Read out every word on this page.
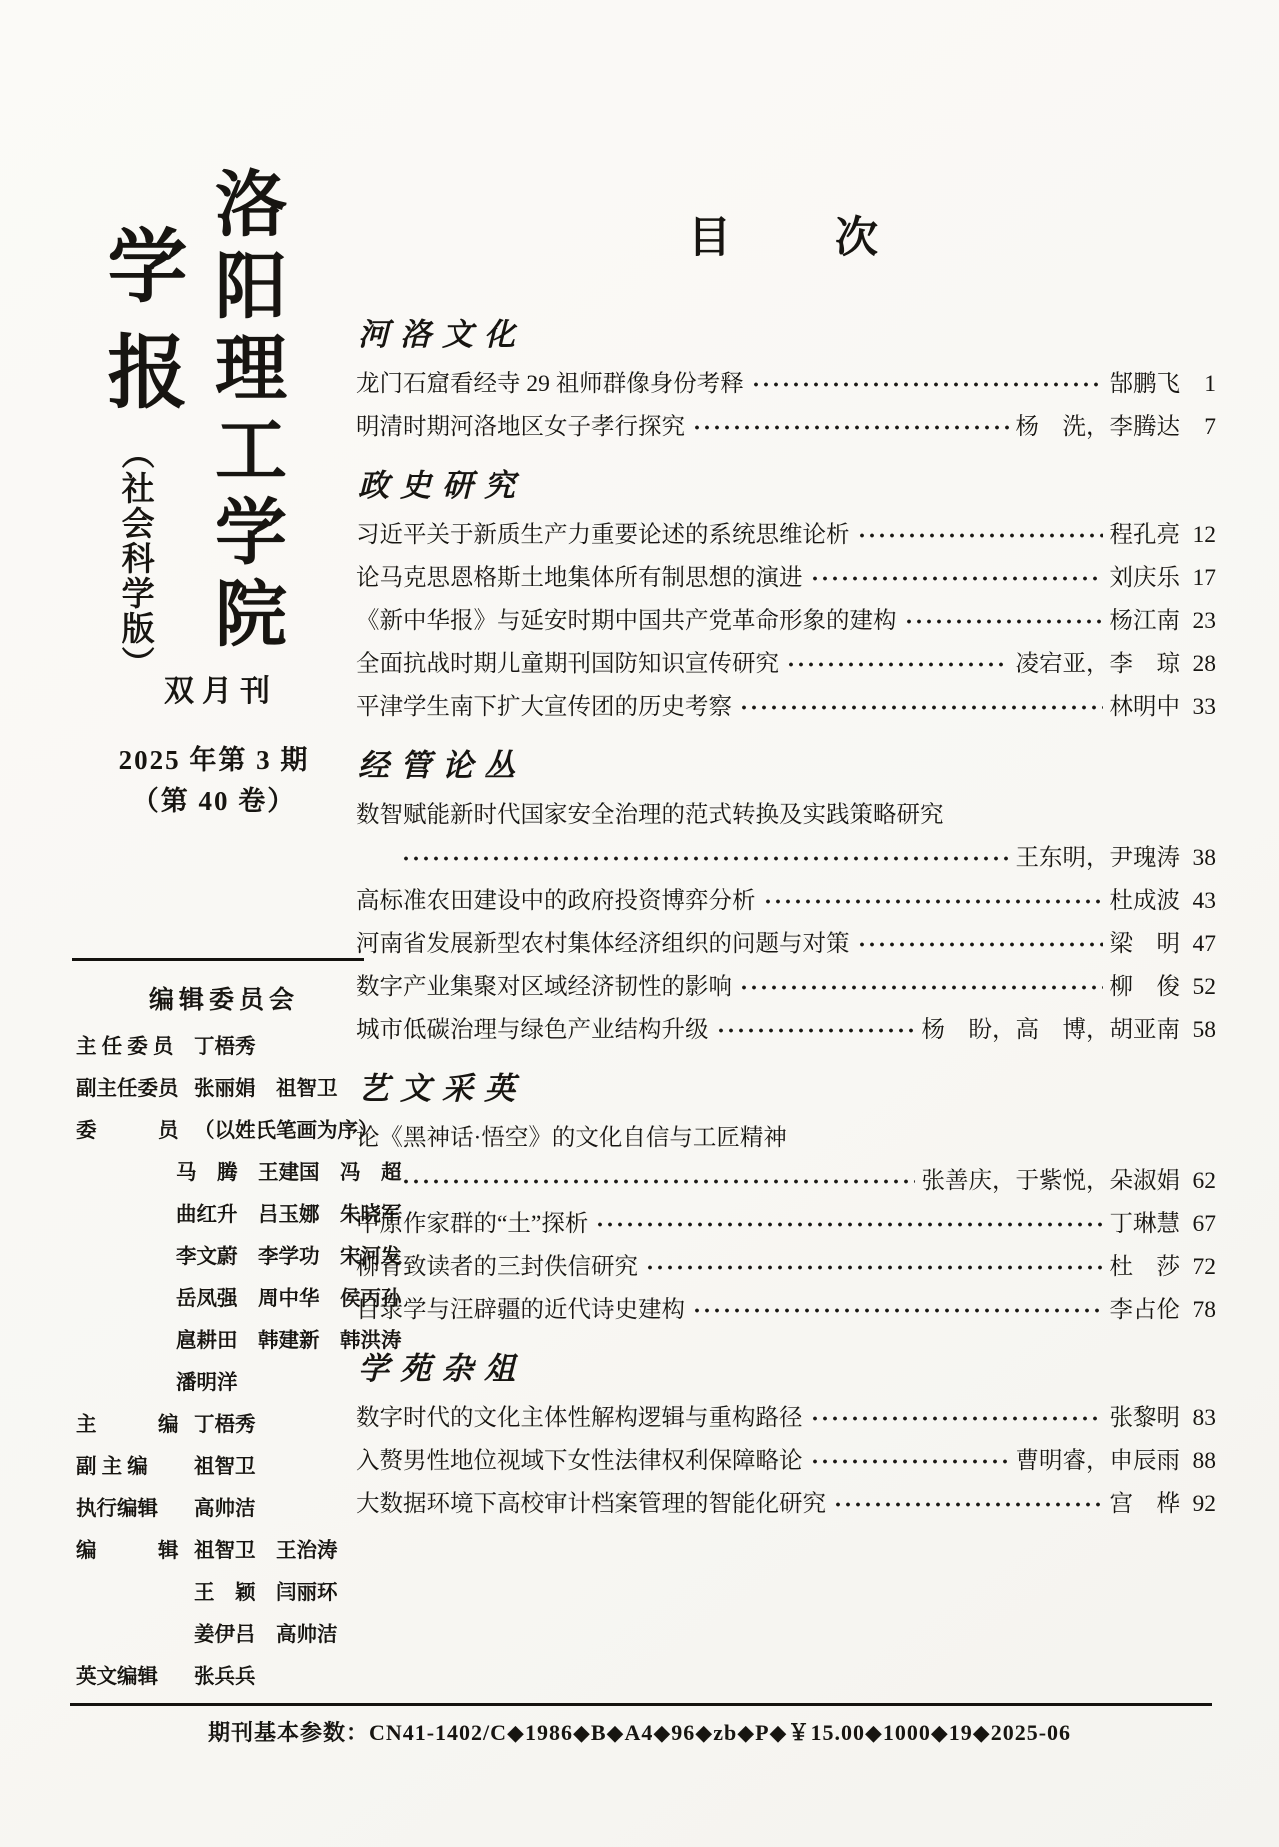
洛阳理工学院
学报
（社会科学版）
双月刊
2025 年第 3 期
（第 40 卷）
编辑委员会
主 任 委 员	丁梧秀
副主任委员 张丽娟　祖智卫
委　　　员 （以姓氏笔画为序）
马　腾　王建国　冯　超
曲红升　吕玉娜　朱晓军
李文蔚　李学功　宋河发
岳凤强　周中华　侯丙孙
扈耕田　韩建新　韩洪涛
潘明洋
主　　　编 丁梧秀
副 主 编	祖智卫
执行编辑	高帅洁
编　　　辑 祖智卫　王治涛

王　颖　闫丽环

姜伊吕　高帅洁
英文编辑	张兵兵
目　　次
河洛文化
龙门石窟看经寺 29 祖师群像身份考释	郜鹏飞	1
明清时期河洛地区女子孝行探究	杨　洗，李腾达	7
政史研究
习近平关于新质生产力重要论述的系统思维论析	程孔亮 12
论马克思恩格斯土地集体所有制思想的演进	刘庆乐 17
《新中华报》与延安时期中国共产党革命形象的建构	杨江南 23
全面抗战时期儿童期刊国防知识宣传研究	凌宕亚，李　琼 28
平津学生南下扩大宣传团的历史考察	林明中 33
经管论丛
数智赋能新时代国家安全治理的范式转换及实践策略研究
王东明，尹瑰涛 38
高标准农田建设中的政府投资博弈分析	杜成波 43
河南省发展新型农村集体经济组织的问题与对策	梁　明 47
数字产业集聚对区域经济韧性的影响	柳　俊 52
城市低碳治理与绿色产业结构升级	杨　盼，高　博，胡亚南 58
艺文采英
论《黑神话·悟空》的文化自信与工匠精神
张善庆，于紫悦，朵淑娟 62
中原作家群的“土”探析	丁琳慧 67
柳青致读者的三封佚信研究	杜　莎 72
目录学与汪辟疆的近代诗史建构	李占伦 78
学苑杂俎
数字时代的文化主体性解构逻辑与重构路径	张黎明 83
入赘男性地位视域下女性法律权利保障略论	曹明睿，申辰雨 88
大数据环境下高校审计档案管理的智能化研究	宫　桦 92
期刊基本参数：CN41-1402/C◆1986◆B◆A4◆96◆zb◆P◆￥15.00◆1000◆19◆2025-06
